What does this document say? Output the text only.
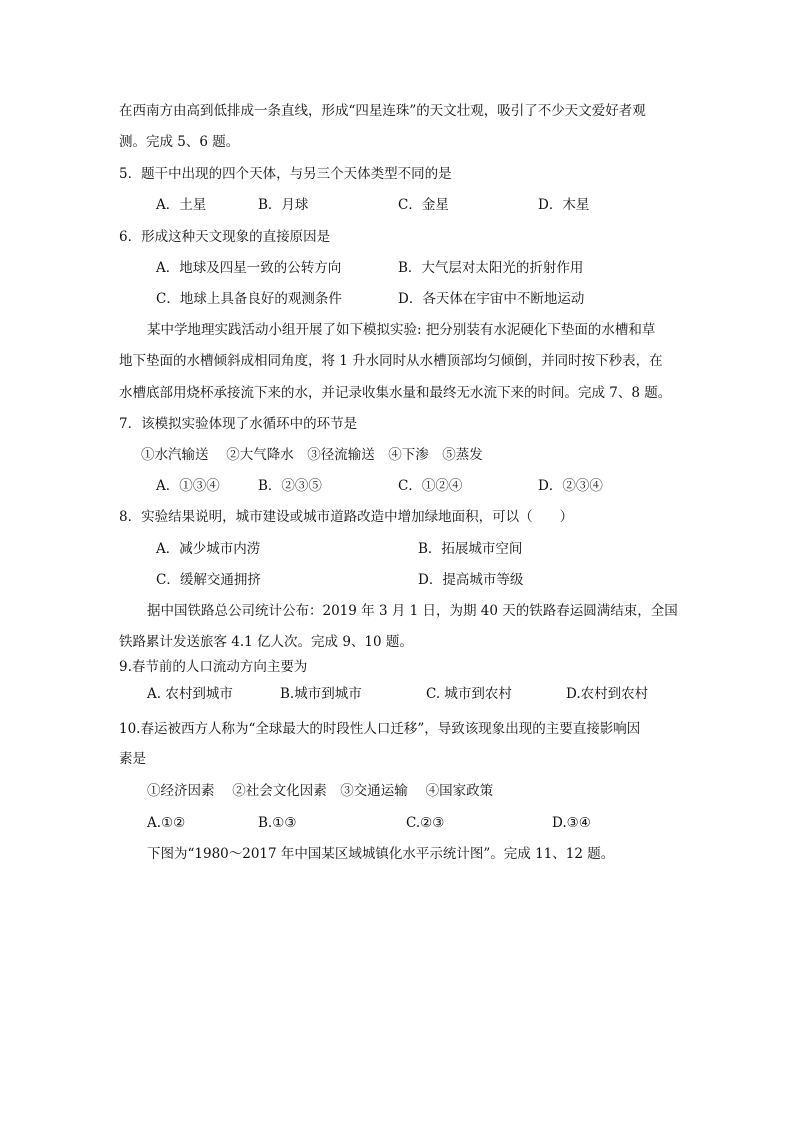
在西南方由高到低排成一条直线，形成“四星连珠”的天文壮观，吸引了不少天文爱好者观
测。完成 5、6 题。
5．题干中出现的四个天体，与另三个天体类型不同的是
A．土星	B．月球	C．金星	D．木星
6．形成这种天文现象的直接原因是
A．地球及四星一致的公转方向	B．大气层对太阳光的折射作用
C．地球上具备良好的观测条件	D．各天体在宇宙中不断地运动
某中学地理实践活动小组开展了如下模拟实验: 把分别装有水泥硬化下垫面的水槽和草
地下垫面的水槽倾斜成相同角度，将 1 升水同时从水槽顶部均匀倾倒，并同时按下秒表，在
水槽底部用烧杯承接流下来的水，并记录收集水量和最终无水流下来的时间。完成 7、8 题。
7．该模拟实验体现了水循环中的环节是
①水汽输送　 ②大气降水　③径流输送　④下渗　⑤蒸发
A．①③④	B．②③⑤	C．①②④	D．②③④
8．实验结果说明，城市建设或城市道路改造中增加绿地面积，可以（　　）
A．减少城市内涝	B．拓展城市空间
C．缓解交通拥挤	D．提高城市等级
据中国铁路总公司统计公布：2019 年 3 月 1 日，为期 40 天的铁路春运圆满结束，全国
铁路累计发送旅客 4.1 亿人次。完成 9、10 题。
9.春节前的人口流动方向主要为
A. 农村到城市	B.城市到城市	C. 城市到农村	D.农村到农村
10.春运被西方人称为“全球最大的时段性人口迁移”，导致该现象出现的主要直接影响因
素是
①经济因素　 ②社会文化因素　③交通运输　 ④国家政策
A.①②	B.①③	C.②③	D.③④
下图为“1980～2017 年中国某区域城镇化水平示统计图”。完成 11、12 题。
